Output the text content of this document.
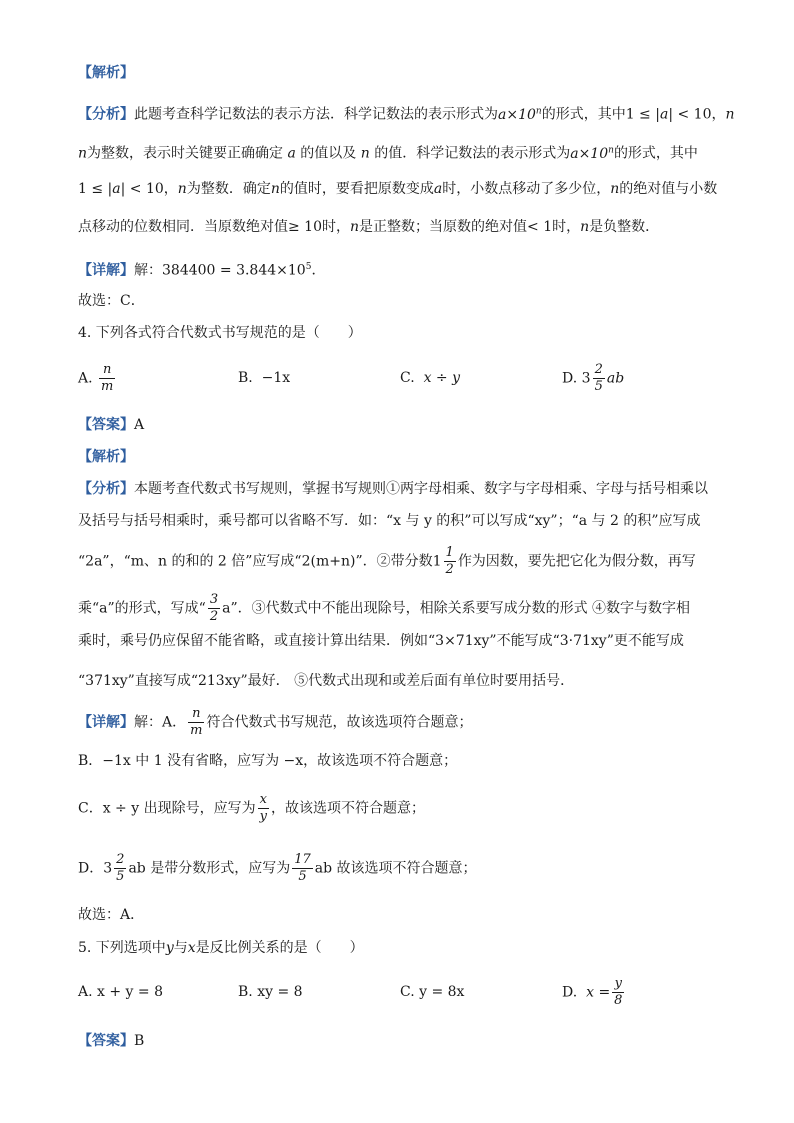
【解析】
【分析】此题考查科学记数法的表示方法．科学记数法的表示形式为$a\times 10^n$的形式，其中1 ≤ |a| < 10，n
n为整数，表示时关键要正确确定 a 的值以及 n 的值．科学记数法的表示形式为$a\times 10^n$的形式，其中
1 ≤ |a| < 10，n为整数．确定n的值时，要看把原数变成a时，小数点移动了多少位，n的绝对值与小数
点移动的位数相同．当原数绝对值≥ 10时，n是正整数；当原数的绝对值< 1时，n是负整数．
【详解】解：$384400 = 3.844\times 10^5$．
故选：C．
4. 下列各式符合代数式书写规范的是（　　）
A. $\frac{n}{m}$	B. −1x	C. x ÷ y	D. $3 \frac{2}{5}$ ab
【答案】A
【解析】
【分析】本题考查代数式书写规则，掌握书写规则①两字母相乘、数字与字母相乘、字母与括号相乘以
及括号与括号相乘时，乘号都可以省略不写．如：“x 与 y 的积”可以写成“xy”；“a 与 2 的积”应写成
“2a”，“m、n 的和的 2 倍”应写成“2(m+n)”．②带分数$1 \frac{1}{2}$ 作为因数，要先把它化为假分数，再写
乘“a”的形式，写成“ $\frac{3}{2} a$”．③代数式中不能出现除号，相除关系要写成分数的形式 ④数字与数字相
乘时，乘号仍应保留不能省略，或直接计算出结果．例如“3×71xy”不能写成“3·71xy”更不能写成
“371xy”直接写成“213xy”最好． ⑤代数式出现和或差后面有单位时要用括号．
【详解】解：A． $\frac{n}{m}$ 符合代数式书写规范，故该选项符合题意；
B．−1x 中 1 没有省略，应写为 −x，故该选项不符合题意；
C．x ÷ y 出现除号，应写为 $\frac{x}{y}$ ，故该选项不符合题意；
D．$3 \frac{2}{5}$ ab 是带分数形式，应写为 $\frac{17}{5}$ ab 故该选项不符合题意；
故选：A．
5. 下列选项中y与x是反比例关系的是（　　）
A. x + y = 8	B. xy = 8	C. y = 8x	D. $x = \frac{y}{8}$
【答案】B
